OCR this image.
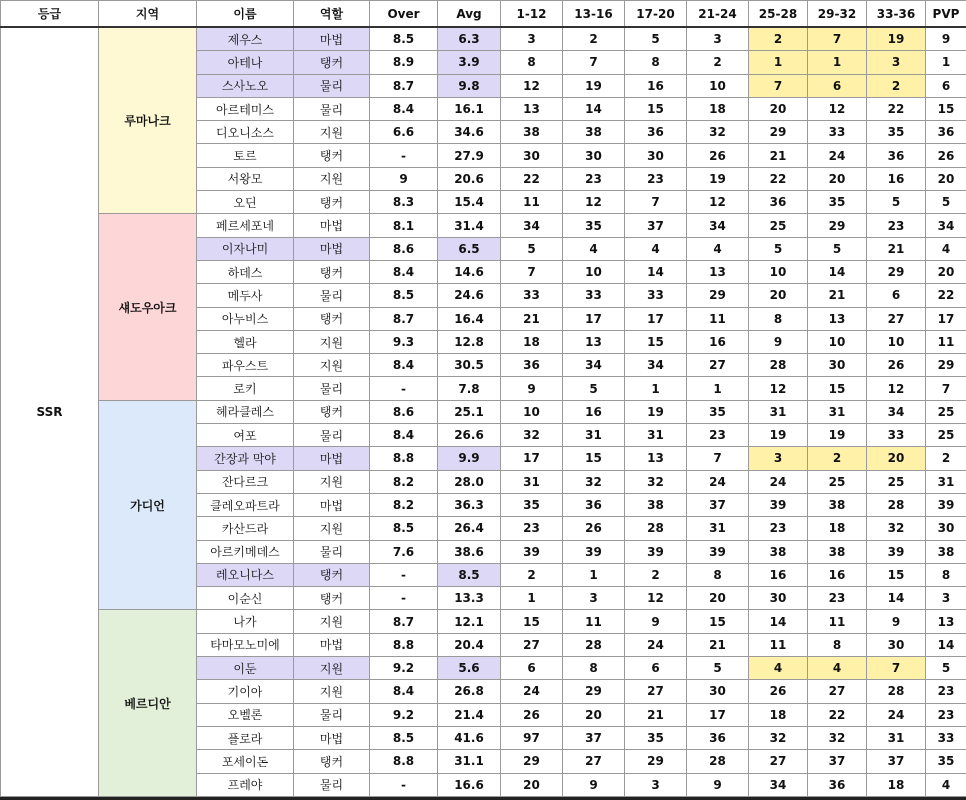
등급	지역	이름	역할	Over	Avg	1-12	13-16	17-20	21-24	25-28	29-32	33-36	PVP
SSR	루마나크	제우스	마법	8.5	6.3	3	2	5	3	2	7	19	9
		아테나	탱커	8.9	3.9	8	7	8	2	1	1	3	1
		스사노오	물리	8.7	9.8	12	19	16	10	7	6	2	6
		아르테미스	물리	8.4	16.1	13	14	15	18	20	12	22	15
		디오니소스	지원	6.6	34.6	38	38	36	32	29	33	35	36
		토르	탱커	-	27.9	30	30	30	26	21	24	36	26
		서왕모	지원	9	20.6	22	23	23	19	22	20	16	20
		오딘	탱커	8.3	15.4	11	12	7	12	36	35	5	5
	섀도우아크	페르세포네	마법	8.1	31.4	34	35	37	34	25	29	23	34
		이자나미	마법	8.6	6.5	5	4	4	4	5	5	21	4
		하데스	탱커	8.4	14.6	7	10	14	13	10	14	29	20
		메두사	물리	8.5	24.6	33	33	33	29	20	21	6	22
		아누비스	탱커	8.7	16.4	21	17	17	11	8	13	27	17
		헬라	지원	9.3	12.8	18	13	15	16	9	10	10	11
		파우스트	지원	8.4	30.5	36	34	34	27	28	30	26	29
		로키	물리	-	7.8	9	5	1	1	12	15	12	7
	가디언	헤라클레스	탱커	8.6	25.1	10	16	19	35	31	31	34	25
		여포	물리	8.4	26.6	32	31	31	23	19	19	33	25
		간장과 막야	마법	8.8	9.9	17	15	13	7	3	2	20	2
		잔다르크	지원	8.2	28.0	31	32	32	24	24	25	25	31
		클레오파트라	마법	8.2	36.3	35	36	38	37	39	38	28	39
		카산드라	지원	8.5	26.4	23	26	28	31	23	18	32	30
		아르키메데스	물리	7.6	38.6	39	39	39	39	38	38	39	38
		레오니다스	탱커	-	8.5	2	1	2	8	16	16	15	8
		이순신	탱커	-	13.3	1	3	12	20	30	23	14	3
	베르디안	나가	지원	8.7	12.1	15	11	9	15	14	11	9	13
		타마모노미에	마법	8.8	20.4	27	28	24	21	11	8	30	14
		이둔	지원	9.2	5.6	6	8	6	5	4	4	7	5
		기이아	지원	8.4	26.8	24	29	27	30	26	27	28	23
		오벨론	물리	9.2	21.4	26	20	21	17	18	22	24	23
		플로라	마법	8.5	41.6	97	37	35	36	32	32	31	33
		포세이돈	탱커	8.8	31.1	29	27	29	28	27	37	37	35
		프레야	물리	-	16.6	20	9	3	9	34	36	18	4
